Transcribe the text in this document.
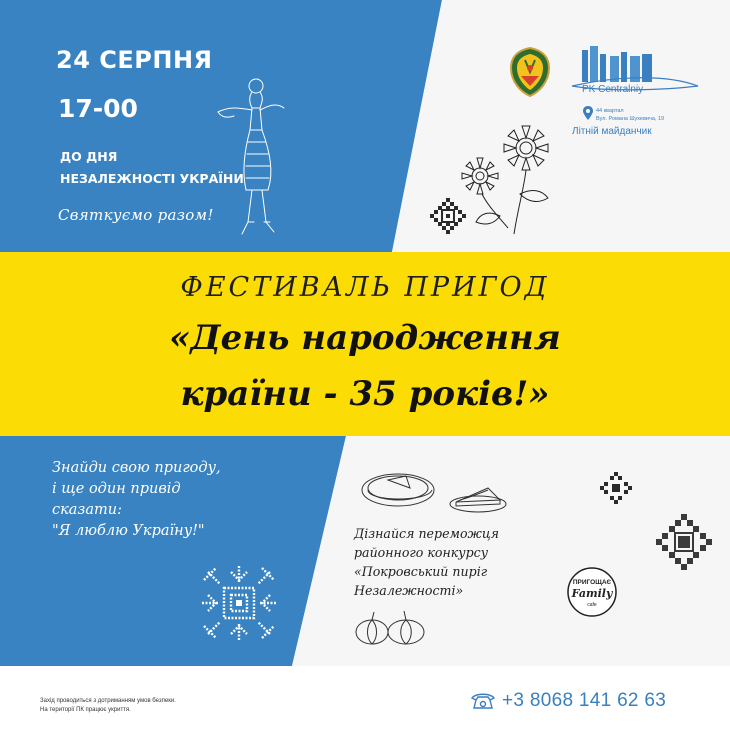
24 СЕРПНЯ
17-00
ДО ДНЯ
НЕЗАЛЕЖНОСТІ УКРАЇНИ
Святкуємо разом!
PK Centralniy
44 квартал
Вул. Романа Шухевича, 19
Літній майданчик
ФЕСТИВАЛЬ ПРИГОД
«День народження
країни - 35 років!»
Знайди свою пригоду,
і ще один привід
сказати:
"Я люблю Україну!"	Дізнайся переможця
районного конкурсу
«Покровський пиріг
Незалежності»
ПРИГОЩАЄ
Family
cafe
Захід проводиться з дотриманням умов безпеки.
На території ПК працює укриття.	+3 8068 141 62 63
